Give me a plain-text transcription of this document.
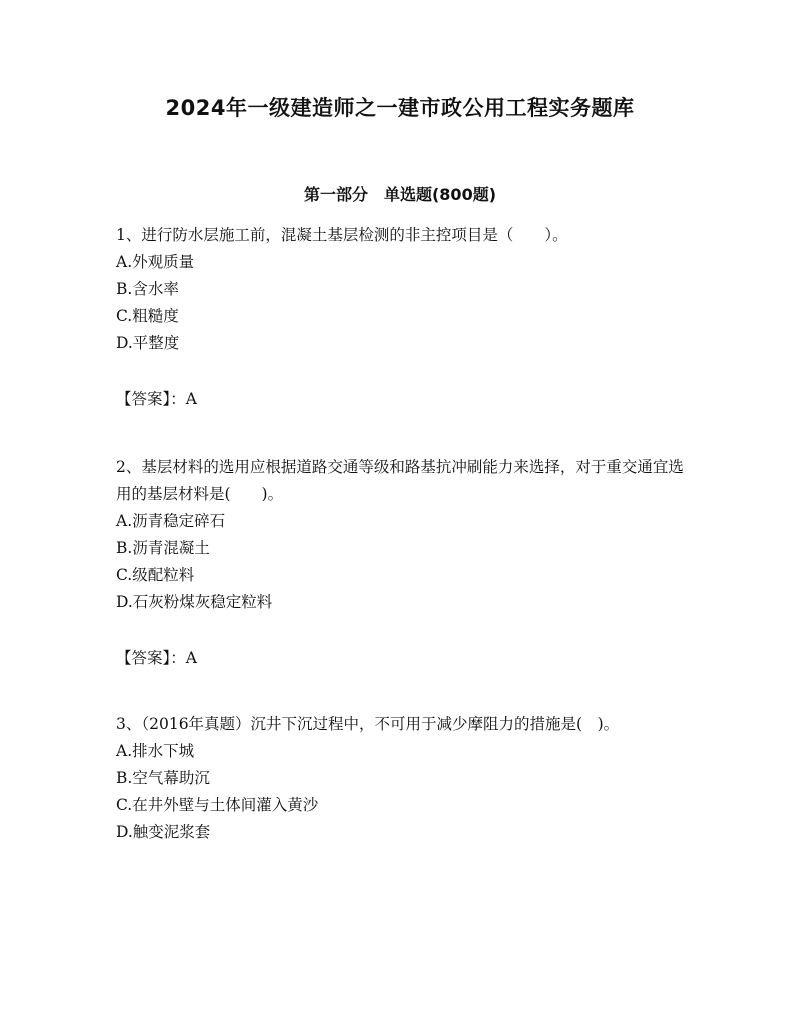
2024年一级建造师之一建市政公用工程实务题库
第一部分　单选题(800题)

1、进行防水层施工前，混凝土基层检测的非主控项目是（　　）。

A.外观质量
B.含水率
C.粗糙度
D.平整度
【答案】：A

2、基层材料的选用应根据道路交通等级和路基抗冲刷能力来选择，对于重交通宜选用的基层材料是(　　)。

A.沥青稳定碎石
B.沥青混凝土
C.级配粒料
D.石灰粉煤灰稳定粒料
【答案】：A

3、（2016年真题）沉井下沉过程中，不可用于减少摩阻力的措施是(　)。

A.排水下城
B.空气幕助沉
C.在井外壁与土体间灌入黄沙
D.触变泥浆套
